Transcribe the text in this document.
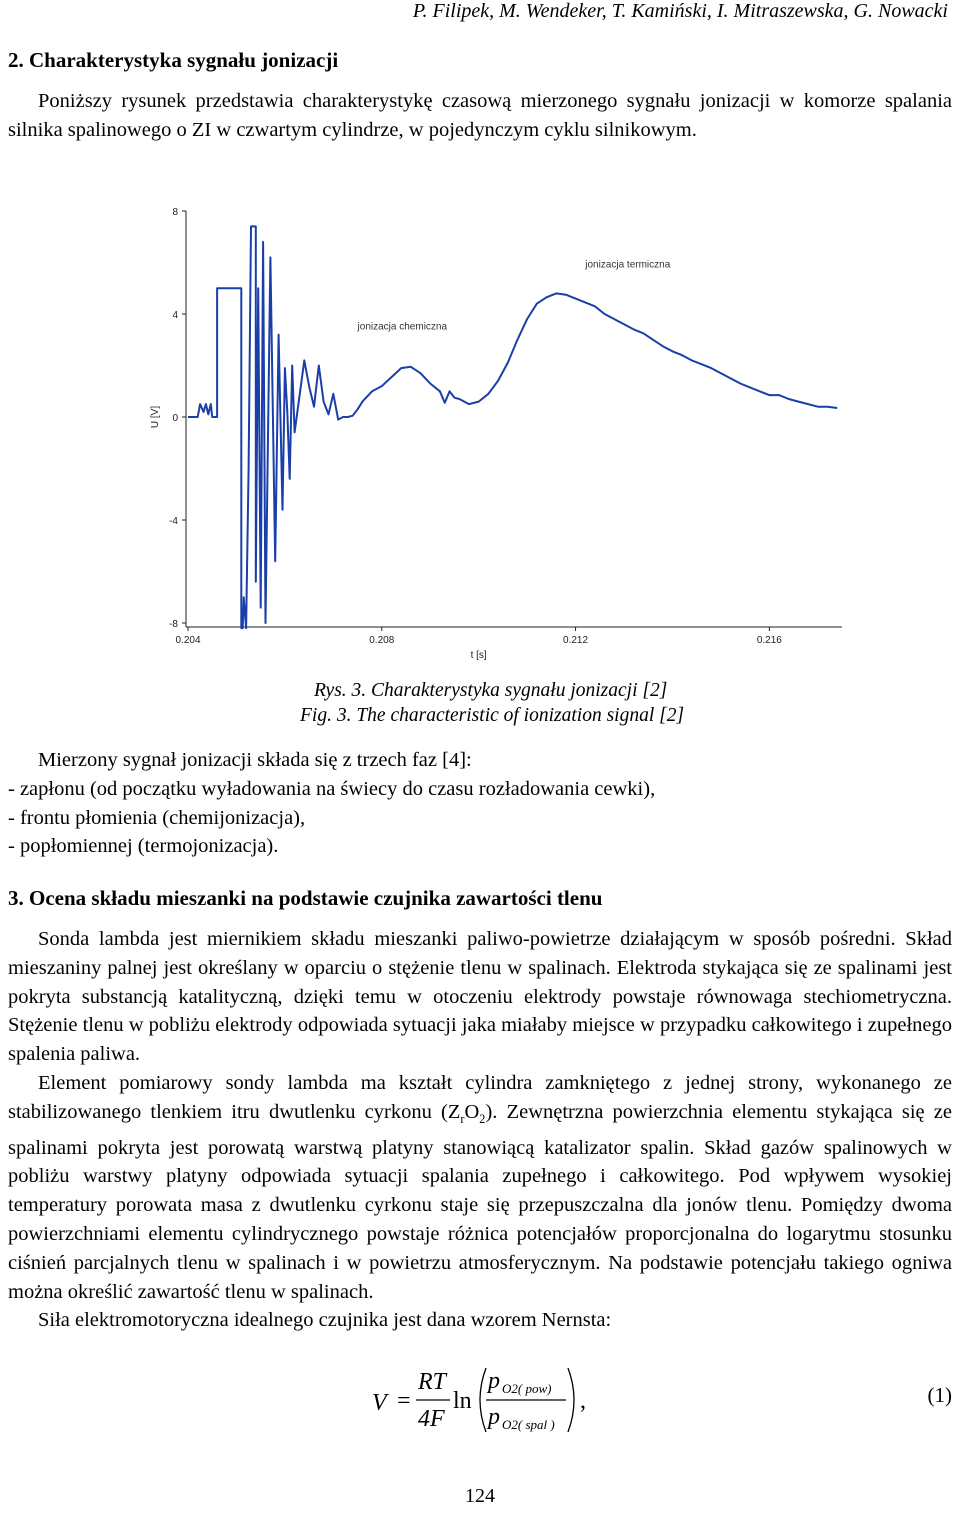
P. Filipek, M. Wendeker, T. Kamiński, I. Mitraszewska, G. Nowacki
2. Charakterystyka sygnału jonizacji

Poniższy rysunek przedstawia charakterystykę czasową mierzonego sygnału jonizacji w komorze spalania silnika spalinowego o ZI w czwartym cylindrze, w pojedynczym cyklu silnikowym.

8
4
0
-4
-8
0.204	0.208	0.212	0.216
t [s]
U [V]
jonizacja chemiczna
jonizacja termiczna
Rys. 3. Charakterystyka sygnału jonizacji [2]
Fig. 3. The characteristic of ionization signal [2]
Mierzony sygnał jonizacji składa się z trzech faz [4]:
- zapłonu (od początku wyładowania na świecy do czasu rozładowania cewki),
- frontu płomienia (chemijonizacja),
- popłomiennej (termojonizacja).
3. Ocena składu mieszanki na podstawie czujnika zawartości tlenu

Sonda lambda jest miernikiem składu mieszanki paliwo-powietrze działającym w sposób pośredni. Skład mieszaniny palnej jest określany w oparciu o stężenie tlenu w spalinach. Elektroda stykająca się ze spalinami jest pokryta substancją katalityczną, dzięki temu w otoczeniu elektrody powstaje równowaga stechiometryczna. Stężenie tlenu w pobliżu elektrody odpowiada sytuacji jaka miałaby miejsce w przypadku całkowitego i zupełnego spalenia paliwa.

Element pomiarowy sondy lambda ma kształt cylindra zamkniętego z jednej strony, wykonanego ze stabilizowanego tlenkiem itru dwutlenku cyrkonu $(Z_rO_2)$. Zewnętrzna powierzchnia elementu stykająca się ze spalinami pokryta jest porowatą warstwą platyny stanowiącą katalizator spalin. Skład gazów spalinowych w pobliżu warstwy platyny odpowiada sytuacji spalania zupełnego i całkowitego. Pod wpływem wysokiej temperatury porowata masa z dwutlenku cyrkonu staje się przepuszczalna dla jonów tlenu. Pomiędzy dwoma powierzchniami elementu cylindrycznego powstaje różnica potencjałów proporcjonalna do logarytmu stosunku ciśnień parcjalnych tlenu w spalinach i w powietrzu atmosferycznym. Na podstawie potencjału takiego ogniwa można określić zawartość tlenu w spalinach.

Siła elektromotoryczna idealnego czujnika jest dana wzorem Nernsta:

V =
RT
4F
ln
p O2( pow)
p O2( spal )
,	(1)
124
